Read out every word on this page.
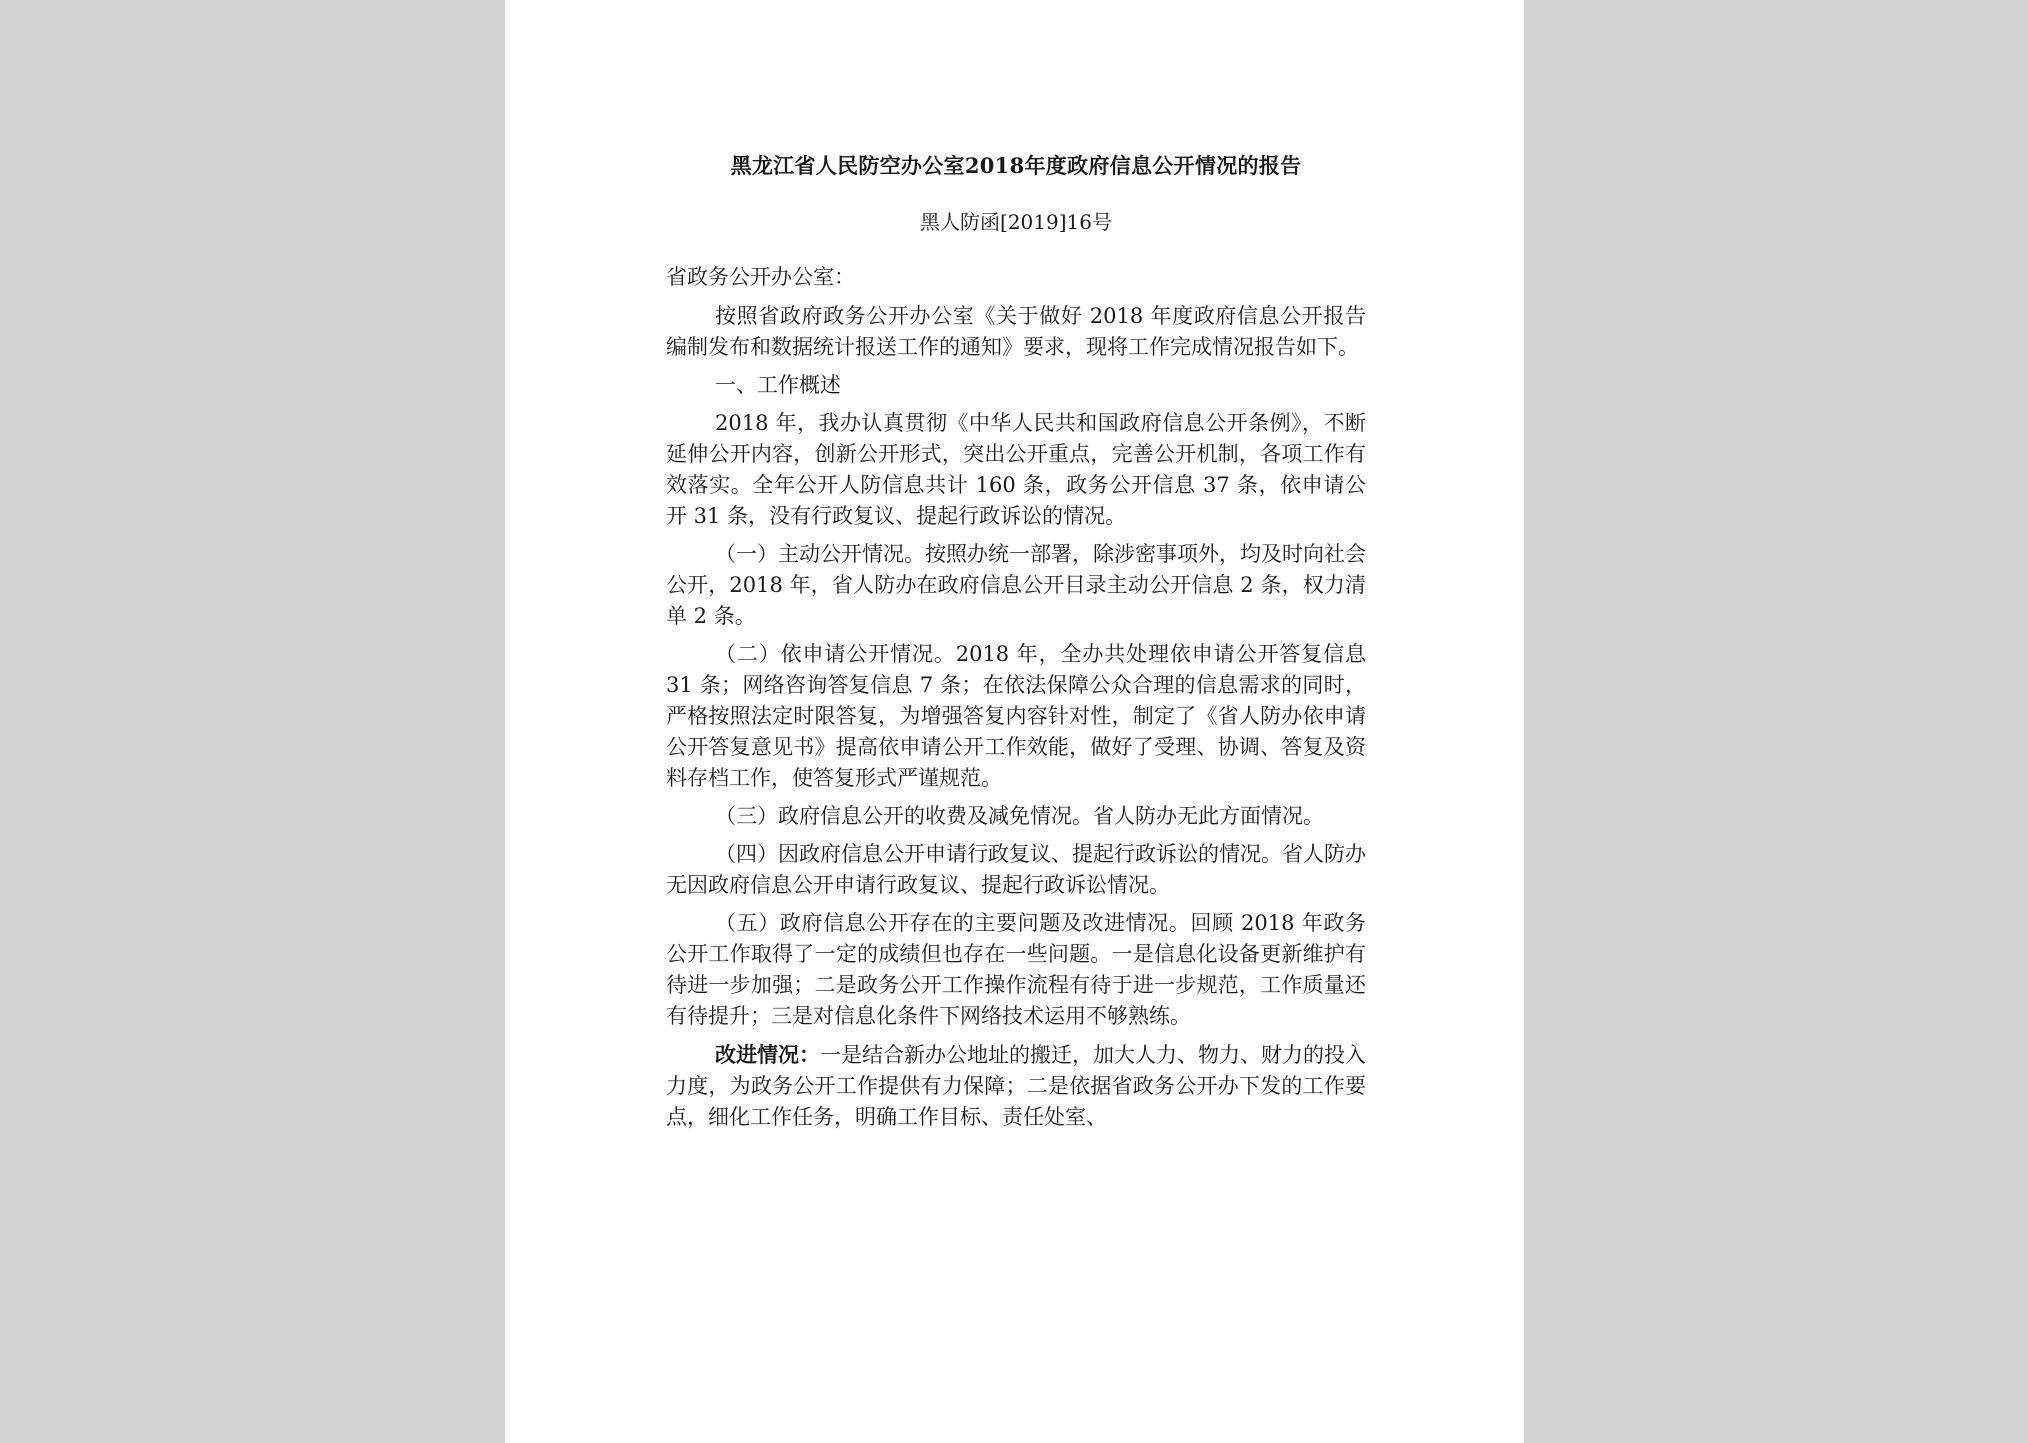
黑龙江省人民防空办公室2018年度政府信息公开情况的报告
黑人防函[2019]16号

省政务公开办公室：

按照省政府政务公开办公室《关于做好 2018 年度政府信息公开报告编制发布和数据统计报送工作的通知》要求，现将工作完成情况报告如下。

一、工作概述

2018 年，我办认真贯彻《中华人民共和国政府信息公开条例》，不断延伸公开内容，创新公开形式，突出公开重点，完善公开机制，各项工作有效落实。全年公开人防信息共计 160 条，政务公开信息 37 条，依申请公开 31 条，没有行政复议、提起行政诉讼的情况。

（一）主动公开情况。按照办统一部署，除涉密事项外，均及时向社会公开，2018 年，省人防办在政府信息公开目录主动公开信息 2 条，权力清单 2 条。

（二）依申请公开情况。2018 年，全办共处理依申请公开答复信息 31 条；网络咨询答复信息 7 条；在依法保障公众合理的信息需求的同时，严格按照法定时限答复，为增强答复内容针对性，制定了《省人防办依申请公开答复意见书》提高依申请公开工作效能，做好了受理、协调、答复及资料存档工作，使答复形式严谨规范。

（三）政府信息公开的收费及减免情况。省人防办无此方面情况。

（四）因政府信息公开申请行政复议、提起行政诉讼的情况。省人防办无因政府信息公开申请行政复议、提起行政诉讼情况。

（五）政府信息公开存在的主要问题及改进情况。回顾 2018 年政务公开工作取得了一定的成绩但也存在一些问题。一是信息化设备更新维护有待进一步加强；二是政务公开工作操作流程有待于进一步规范，工作质量还有待提升；三是对信息化条件下网络技术运用不够熟练。

改进情况：一是结合新办公地址的搬迁，加大人力、物力、财力的投入力度，为政务公开工作提供有力保障；二是依据省政务公开办下发的工作要点，细化工作任务，明确工作目标、责任处室、
